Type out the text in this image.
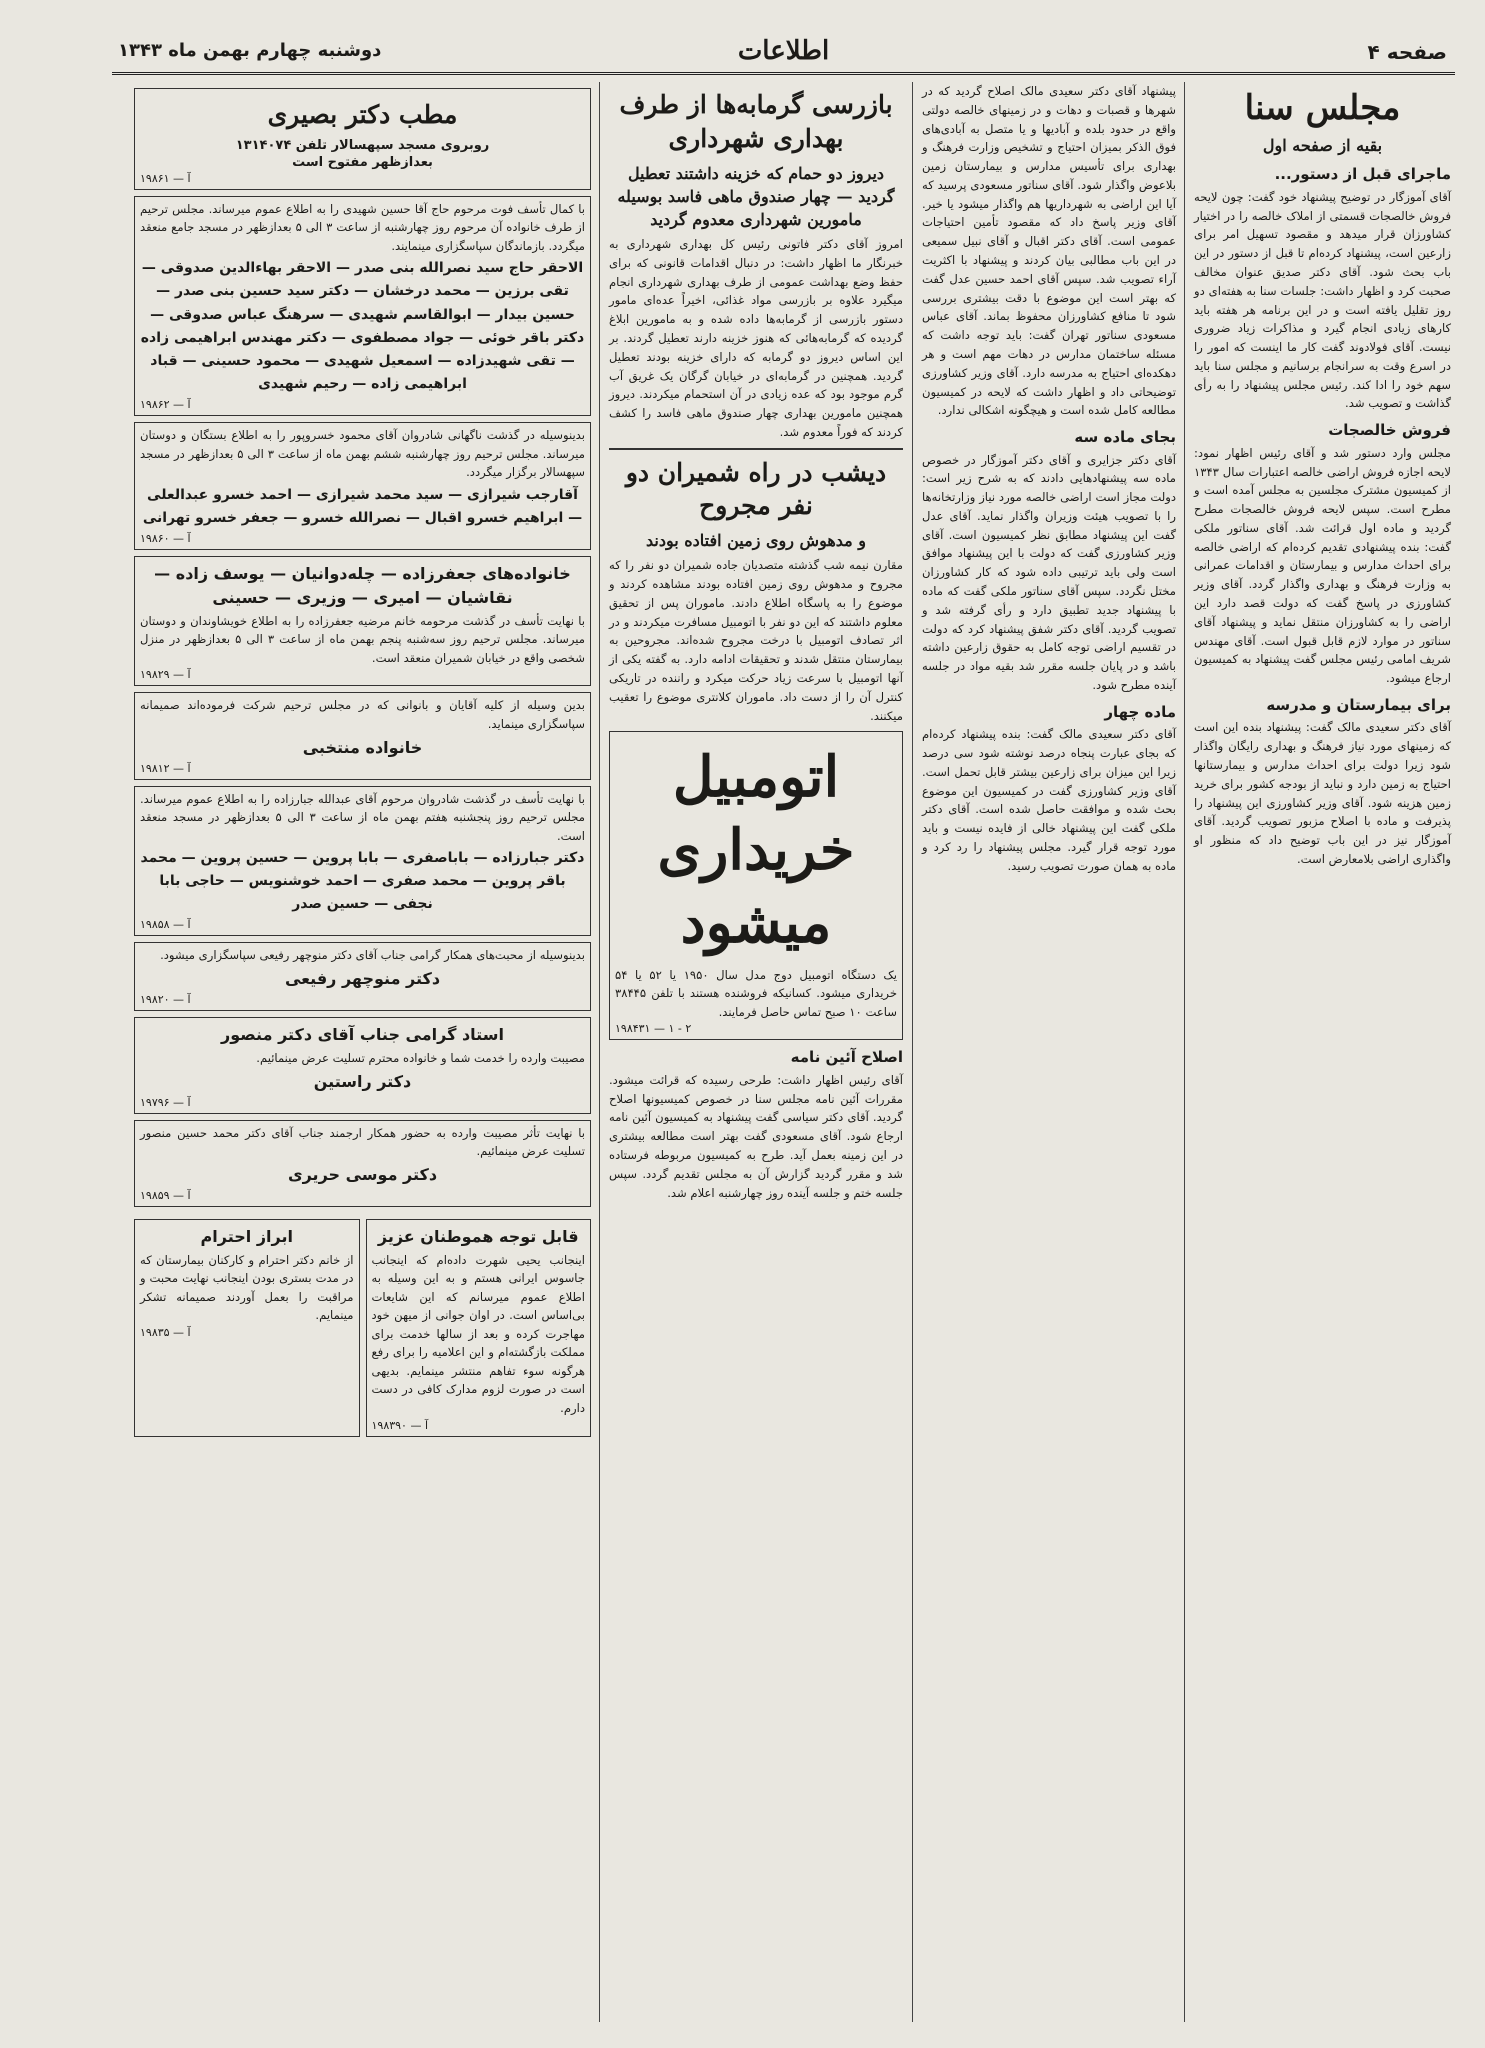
صفحه ۴
اطلاعات
دوشنبه چهارم بهمن ماه ۱۳۴۳
مجلس سنا
بقیه از صفحه اول
ماجرای قبل از دستور...

آقای آموزگار در توضیح پیشنهاد خود گفت: چون لایحه فروش خالصجات قسمتی از املاک خالصه را در اختیار کشاورزان قرار میدهد و مقصود تسهیل امر برای زارعین است، پیشنهاد کرده‌ام تا قبل از دستور در این باب بحث شود. آقای دکتر صدیق عنوان مخالف صحبت کرد و اظهار داشت: جلسات سنا به هفته‌ای دو روز تقلیل یافته است و در این برنامه هر هفته باید کارهای زیادی انجام گیرد و مذاکرات زیاد ضروری نیست. آقای فولادوند گفت کار ما اینست که امور را در اسرع وقت به سرانجام برسانیم و مجلس سنا باید سهم خود را ادا کند. رئیس مجلس پیشنهاد را به رأی گذاشت و تصویب شد.

فروش خالصجات

مجلس وارد دستور شد و آقای رئیس اظهار نمود: لایحه اجازه فروش اراضی خالصه اعتبارات سال ۱۳۴۳ از کمیسیون مشترک مجلسین به مجلس آمده است و مطرح است. سپس لایحه فروش خالصجات مطرح گردید و ماده اول قرائت شد. آقای سناتور ملکی گفت: بنده پیشنهادی تقدیم کرده‌ام که اراضی خالصه برای احداث مدارس و بیمارستان و اقدامات عمرانی به وزارت فرهنگ و بهداری واگذار گردد. آقای وزیر کشاورزی در پاسخ گفت که دولت قصد دارد این اراضی را به کشاورزان منتقل نماید و پیشنهاد آقای سناتور در موارد لازم قابل قبول است. آقای مهندس شریف امامی رئیس مجلس گفت پیشنهاد به کمیسیون ارجاع میشود.

برای بیمارستان و مدرسه

آقای دکتر سعیدی مالک گفت: پیشنهاد بنده این است که زمینهای مورد نیاز فرهنگ و بهداری رایگان واگذار شود زیرا دولت برای احداث مدارس و بیمارستانها احتیاج به زمین دارد و نباید از بودجه کشور برای خرید زمین هزینه شود. آقای وزیر کشاورزی این پیشنهاد را پذیرفت و ماده با اصلاح مزبور تصویب گردید. آقای آموزگار نیز در این باب توضیح داد که منظور او واگذاری اراضی بلامعارض است.

پیشنهاد آقای دکتر سعیدی مالک اصلاح گردید که در شهرها و قصبات و دهات و در زمینهای خالصه دولتی واقع در حدود بلده و آبادیها و یا متصل به آبادی‌های فوق الذکر بمیزان احتیاج و تشخیص وزارت فرهنگ و بهداری برای تأسیس مدارس و بیمارستان زمین بلاعوض واگذار شود. آقای سناتور مسعودی پرسید که آیا این اراضی به شهرداریها هم واگذار میشود یا خیر. آقای وزیر پاسخ داد که مقصود تأمین احتیاجات عمومی است. آقای دکتر اقبال و آقای نبیل سمیعی در این باب مطالبی بیان کردند و پیشنهاد با اکثریت آراء تصویب شد. سپس آقای احمد حسین عدل گفت که بهتر است این موضوع با دقت بیشتری بررسی شود تا منافع کشاورزان محفوظ بماند. آقای عباس مسعودی سناتور تهران گفت: باید توجه داشت که مسئله ساختمان مدارس در دهات مهم است و هر دهکده‌ای احتیاج به مدرسه دارد. آقای وزیر کشاورزی توضیحاتی داد و اظهار داشت که لایحه در کمیسیون مطالعه کامل شده است و هیچگونه اشکالی ندارد.

بجای ماده سه

آقای دکتر جزایری و آقای دکتر آموزگار در خصوص ماده سه پیشنهادهایی دادند که به شرح زیر است: دولت مجاز است اراضی خالصه مورد نیاز وزارتخانه‌ها را با تصویب هیئت وزیران واگذار نماید. آقای عدل گفت این پیشنهاد مطابق نظر کمیسیون است. آقای وزیر کشاورزی گفت که دولت با این پیشنهاد موافق است ولی باید ترتیبی داده شود که کار کشاورزان مختل نگردد. سپس آقای سناتور ملکی گفت که ماده با پیشنهاد جدید تطبیق دارد و رأی گرفته شد و تصویب گردید. آقای دکتر شفق پیشنهاد کرد که دولت در تقسیم اراضی توجه کامل به حقوق زارعین داشته باشد و در پایان جلسه مقرر شد بقیه مواد در جلسه آینده مطرح شود.

ماده چهار

آقای دکتر سعیدی مالک گفت: بنده پیشنهاد کرده‌ام که بجای عبارت پنجاه درصد نوشته شود سی درصد زیرا این میزان برای زارعین بیشتر قابل تحمل است. آقای وزیر کشاورزی گفت در کمیسیون این موضوع بحث شده و موافقت حاصل شده است. آقای دکتر ملکی گفت این پیشنهاد خالی از فایده نیست و باید مورد توجه قرار گیرد. مجلس پیشنهاد را رد کرد و ماده به همان صورت تصویب رسید.

بازرسی گرمابه‌ها از طرف بهداری شهرداری
دیروز دو حمام که خزینه داشتند تعطیل گردید — چهار صندوق ماهی فاسد بوسیله مامورین شهرداری معدوم گردید

امروز آقای دکتر فاتونی رئیس کل بهداری شهرداری به خبرنگار ما اظهار داشت: در دنبال اقدامات قانونی که برای حفظ وضع بهداشت عمومی از طرف بهداری شهرداری انجام میگیرد علاوه بر بازرسی مواد غذائی، اخیراً عده‌ای مامور دستور بازرسی از گرمابه‌ها داده شده و به مامورین ابلاغ گردیده که گرمابه‌هائی که هنوز خزینه دارند تعطیل گردند. بر این اساس دیروز دو گرمابه که دارای خزینه بودند تعطیل گردید. همچنین در گرمابه‌ای در خیابان گرگان یک غریق آب گرم موجود بود که عده زیادی در آن استحمام میکردند. دیروز همچنین مامورین بهداری چهار صندوق ماهی فاسد را کشف کردند که فوراً معدوم شد.

دیشب در راه شمیران دو نفر مجروح
و مدهوش روی زمین افتاده بودند

مقارن نیمه شب گذشته متصدیان جاده شمیران دو نفر را که مجروح و مدهوش روی زمین افتاده بودند مشاهده کردند و موضوع را به پاسگاه اطلاع دادند. ماموران پس از تحقیق معلوم داشتند که این دو نفر با اتومبیل مسافرت میکردند و در اثر تصادف اتومبیل با درخت مجروح شده‌اند. مجروحین به بیمارستان منتقل شدند و تحقیقات ادامه دارد. به گفته یکی از آنها اتومبیل با سرعت زیاد حرکت میکرد و راننده در تاریکی کنترل آن را از دست داد. ماموران کلانتری موضوع را تعقیب میکنند.

اتومبیل خریداری میشود

یک دستگاه اتومبیل دوج مدل سال ۱۹۵۰ یا ۵۲ یا ۵۴ خریداری میشود. کسانیکه فروشنده هستند با تلفن ۳۸۴۴۵ ساعت ۱۰ صبح تماس حاصل فرمایند.

۱۹۸۴۳۱ — ۱ - ۲
اصلاح آئین نامه

آقای رئیس اظهار داشت: طرحی رسیده که قرائت میشود. مقررات آئین نامه مجلس سنا در خصوص کمیسیونها اصلاح گردید. آقای دکتر سیاسی گفت پیشنهاد به کمیسیون آئین نامه ارجاع شود. آقای مسعودی گفت بهتر است مطالعه بیشتری در این زمینه بعمل آید. طرح به کمیسیون مربوطه فرستاده شد و مقرر گردید گزارش آن به مجلس تقدیم گردد. سپس جلسه ختم و جلسه آینده روز چهارشنبه اعلام شد.

مطب دکتر بصیری
روبروی مسجد سپهسالار تلفن ۱۳۱۴۰۷۴
بعدازظهر مفتوح است
۱۹۸۶۱ — آ

با کمال تأسف فوت مرحوم حاج آقا حسین شهیدی را به اطلاع عموم میرساند. مجلس ترحیم از طرف خانواده آن مرحوم روز چهارشنبه از ساعت ۳ الی ۵ بعدازظهر در مسجد جامع منعقد میگردد. بازماندگان سپاسگزاری مینمایند.

الاحقر حاج سید نصرالله بنی صدر — الاحقر بهاءالدین صدوقی — تقی برزین — محمد درخشان — دکتر سید حسین بنی صدر — حسین بیدار — ابوالقاسم شهیدی — سرهنگ عباس صدوقی — دکتر باقر خوئی — جواد مصطفوی — دکتر مهندس ابراهیمی زاده — تقی شهیدزاده — اسمعیل شهیدی — محمود حسینی — قباد ابراهیمی زاده — رحیم شهیدی
۱۹۸۶۲ — آ

بدینوسیله در گذشت ناگهانی شادروان آقای محمود خسروپور را به اطلاع بستگان و دوستان میرساند. مجلس ترحیم روز چهارشنبه ششم بهمن ماه از ساعت ۳ الی ۵ بعدازظهر در مسجد سپهسالار برگزار میگردد.

آقارجب شیرازی — سید محمد شیرازی — احمد خسرو عبدالعلی — ابراهیم خسرو اقبال — نصرالله خسرو — جعفر خسرو تهرانی
۱۹۸۶۰ — آ
خانواده‌های جعفرزاده — چله‌دوانیان — یوسف زاده — نقاشیان — امیری — وزیری — حسینی

با نهایت تأسف در گذشت مرحومه خانم مرضیه جعفرزاده را به اطلاع خویشاوندان و دوستان میرساند. مجلس ترحیم روز سه‌شنبه پنجم بهمن ماه از ساعت ۳ الی ۵ بعدازظهر در منزل شخصی واقع در خیابان شمیران منعقد است.

۱۹۸۲۹ — آ

بدین وسیله از کلیه آقایان و بانوانی که در مجلس ترحیم شرکت فرموده‌اند صمیمانه سپاسگزاری مینماید.

خانواده منتخبی
۱۹۸۱۲ — آ

با نهایت تأسف در گذشت شادروان مرحوم آقای عبدالله جبارزاده را به اطلاع عموم میرساند. مجلس ترحیم روز پنجشنبه هفتم بهمن ماه از ساعت ۳ الی ۵ بعدازظهر در مسجد منعقد است.

دکتر جبارزاده — باباصفری — بابا پروین — حسین پروین — محمد باقر پروین — محمد صفری — احمد خوشنویس — حاجی بابا نجفی — حسین صدر
۱۹۸۵۸ — آ

بدینوسیله از محبت‌های همکار گرامی جناب آقای دکتر منوچهر رفیعی سپاسگزاری میشود.

دکتر منوچهر رفیعی
۱۹۸۲۰ — آ
استاد گرامی جناب آقای دکتر منصور

مصیبت وارده را خدمت شما و خانواده محترم تسلیت عرض مینمائیم.

دکتر راستین
۱۹۷۹۶ — آ

با نهایت تأثر مصیبت وارده به حضور همکار ارجمند جناب آقای دکتر محمد حسین منصور تسلیت عرض مینمائیم.

دکتر موسی حریری
۱۹۸۵۹ — آ
قابل توجه هموطنان عزیز

اینجانب یحیی شهرت داده‌ام که اینجانب جاسوس ایرانی هستم و به این وسیله به اطلاع عموم میرسانم که این شایعات بی‌اساس است. در اوان جوانی از میهن خود مهاجرت کرده و بعد از سالها خدمت برای مملکت بازگشته‌ام و این اعلامیه را برای رفع هرگونه سوء تفاهم منتشر مینمایم. بدیهی است در صورت لزوم مدارک کافی در دست دارم.

۱۹۸۳۹۰ — آ
ابراز احترام

از خانم دکتر احترام و کارکنان بیمارستان که در مدت بستری بودن اینجانب نهایت محبت و مراقبت را بعمل آوردند صمیمانه تشکر مینمایم.

۱۹۸۳۵ — آ
